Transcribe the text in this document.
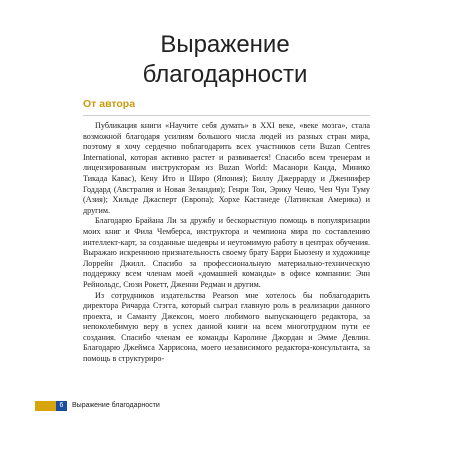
Выражение
благодарности
От автора

Публикация книги «Научите себя думать» в XXI веке, «веке мозга», стала возможной благодаря усилиям большого числа людей из разных стран мира, поэтому я хочу сердечно поблагодарить всех участников сети Buzan Centres International, которая активно растет и развивается! Спасибо всем тренерам и лицензированным инструкторам из Buzan World: Масанори Канда, Минико Тикада Кавас), Кену Ито и Широ (Япония); Биллу Джеррарду и Дженнифер Годдард (Австралия и Новая Зеландия); Генри Тон, Эрику Ченю, Чен Чун Туму (Азия); Хильде Джасперт (Европа); Хорхе Кастанеде (Латинская Америка) и другим.

Благодарю Брайана Ли за дружбу и бескорыстную помощь в популяризации моих книг и Фила Чемберса, инструктора и чемпиона мира по составлению интеллект-карт, за созданные шедевры и неутомимую работу в центрах обучения. Выражаю искреннюю признательность своему брату Барри Бьюзену и художнице Лоррейн Джилл. Спасибо за профессиональную материально-техническую поддержку всем членам моей «домашней команды» в офисе компании: Энн Рейнольдс, Сюзи Рокетт, Дженни Редман и другим.

Из сотрудников издательства Pearson мне хотелось бы поблагодарить директора Ричарда Стэгга, который сыграл главную роль в реализации данного проекта, и Саманту Джексон, моего любимого выпускающего редактора, за непоколебимую веру в успех данной книги на всем многотрудном пути ее создания. Спасибо членам ее команды Каролине Джордан и Эмме Девлин. Благодарю Джеймса Харрисона, моего независимого редактора-консультанта, за помощь в структуриро-

6	Выражение благодарности
